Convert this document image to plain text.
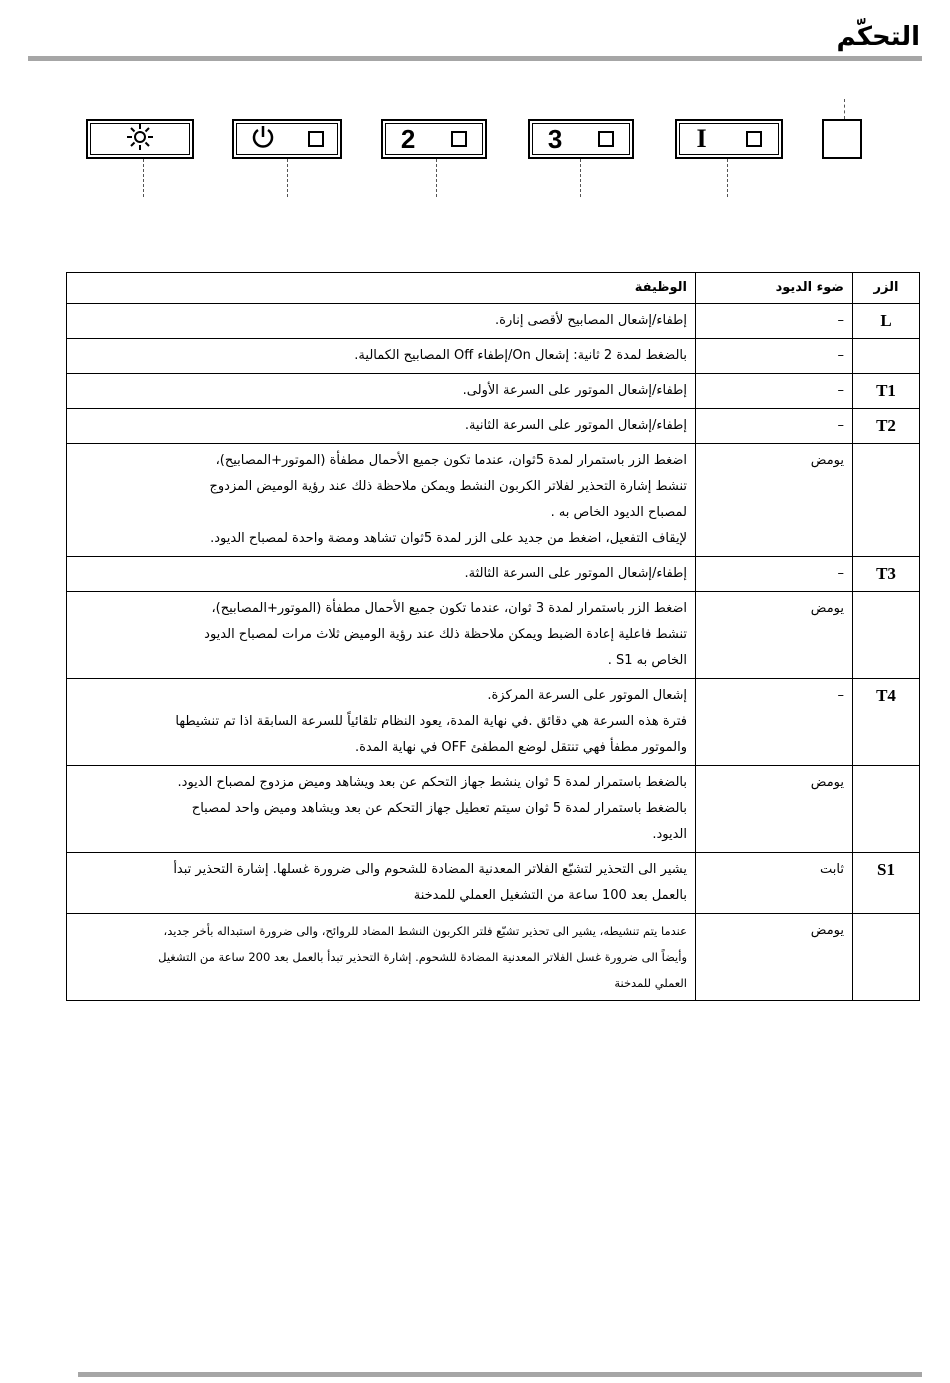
التحكّم
2	3	I
الزر	ضوء الديود	الوظيفة
L	–	إطفاء/إشعال المصابيح لأقصى إنارة.

	–	بالضغط لمدة 2 ثانية: إشعال On/إطفاء Off المصابيح الكمالية.

T1	–	إطفاء/إشعال الموتور على السرعة الأولى.

T2	–	إطفاء/إشعال الموتور على السرعة الثانية.

	يومض	اضغط الزر باستمرار لمدة 5ثوان، عندما تكون جميع الأحمال مطفأة (الموتور+المصابيح)،
تنشط إشارة التحذير لفلاتر الكربون النشط ويمكن ملاحظة ذلك عند رؤية الوميض المزدوج
لمصباح الديود الخاص به .
لإيقاف التفعيل، اضغط من جديد على الزر لمدة 5ثوان تشاهد ومضة واحدة لمصباح الديود.

T3	–	إطفاء/إشعال الموتور على السرعة الثالثة.

	يومض	اضغط الزر باستمرار لمدة 3 ثوان، عندما تكون جميع الأحمال مطفأة (الموتور+المصابيح)،
تنشط فاعلية إعادة الضبط ويمكن ملاحظة ذلك عند رؤية الوميض ثلاث مرات لمصباح الديود
الخاص به S1 .

T4	–	إشعال الموتور على السرعة المركزة.
فترة هذه السرعة هي دقائق .في نهاية المدة، يعود النظام تلقائياً للسرعة السابقة اذا تم تنشيطها
والموتور مطفأ فهي تنتقل لوضع المطفئ OFF في نهاية المدة.

	يومض	بالضغط باستمرار لمدة 5 ثوان ينشط جهاز التحكم عن بعد ويشاهد وميض مزدوج لمصباح الديود.
بالضغط باستمرار لمدة 5 ثوان سيتم تعطيل جهاز التحكم عن بعد ويشاهد وميض واحد لمصباح
الديود.

S1	ثابت	يشير الى التحذير لتشبّع الفلاتر المعدنية المضادة للشحوم والى ضرورة غسلها. إشارة التحذير تبدأ
بالعمل بعد 100 ساعة من التشغيل العملي للمدخنة

	يومض	عندما يتم تنشيطه، يشير الى تحذير تشبّع فلتر الكربون النشط المضاد للروائح، والى ضرورة استبداله بأخر جديد،
وأيضاً الى ضرورة غسل الفلاتر المعدنية المضادة للشحوم. إشارة التحذير تبدأ بالعمل بعد 200 ساعة من التشغيل
العملي للمدخنة
